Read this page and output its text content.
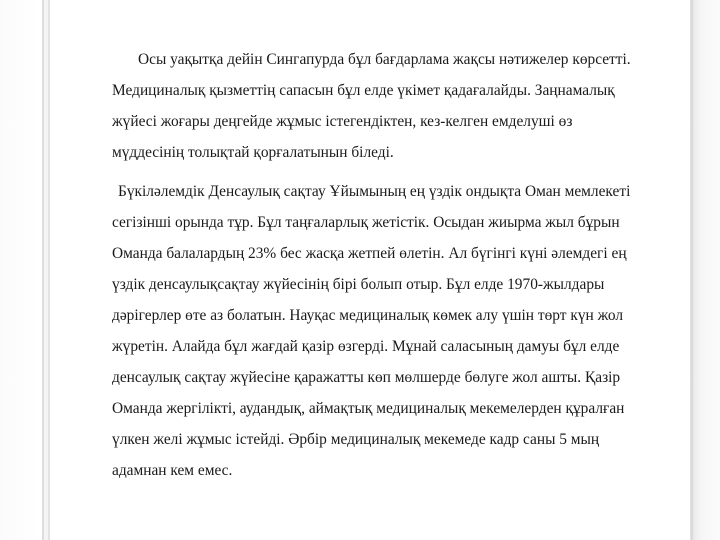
Осы уақытқа дейін Сингапурда бұл бағдарлама жақсы нәтижелер көрсетті.
Медициналық қызметтің сапасын бұл елде үкімет қадағалайды. Заңнамалық
жүйесі жоғары деңгейде жұмыс істегендіктен, кез-келген емделуші өз
мүддесінің толықтай қорғалатынын біледі.

Бүкіләлемдік Денсаулық сақтау Ұйымының ең үздік ондықта Оман мемлекеті
сегізінші орында тұр. Бұл таңғаларлық жетістік. Осыдан жиырма жыл бұрын
Оманда балалардың 23% бес жасқа жетпей өлетін. Ал бүгінгі күні әлемдегі ең
үздік денсаулықсақтау жүйесінің бірі болып отыр. Бұл елде 1970-жылдары
дәрігерлер өте аз болатын. Науқас медициналық көмек алу үшін төрт күн жол
жүретін. Алайда бұл жағдай қазір өзгерді. Мұнай саласының дамуы бұл елде
денсаулық сақтау жүйесіне қаражатты көп мөлшерде бөлуге жол ашты. Қазір
Оманда жергілікті, аудандық, аймақтық медициналық мекемелерден құралған
үлкен желі жұмыс істейді. Әрбір медициналық мекемеде кадр саны 5 мың
адамнан кем емес.
